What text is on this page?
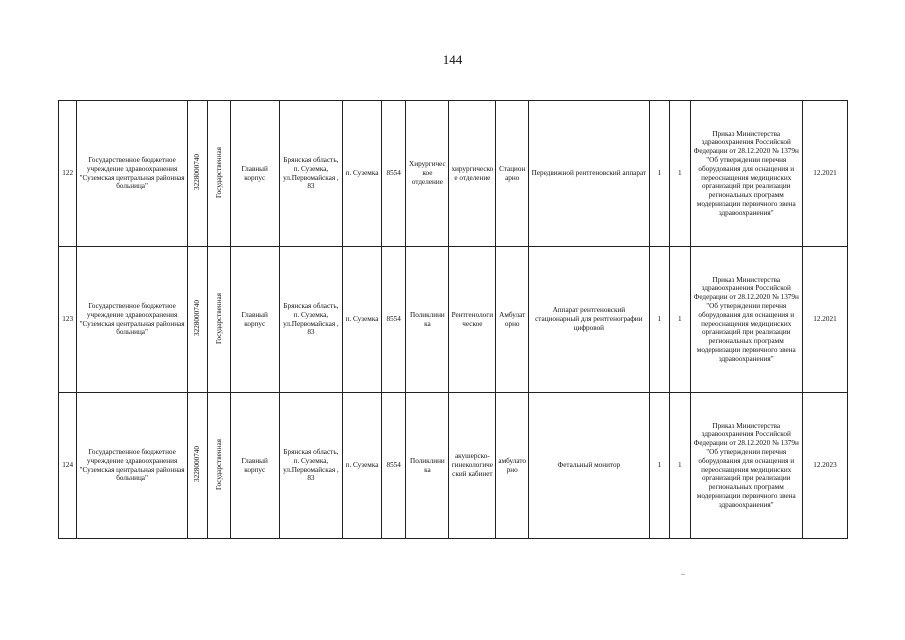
144
122	Государственное бюджетное учреждение здравоохранения "Суземская центральная районная больница"	3228000740	Государственная	Главный корпус	Брянская область, п. Суземка, ул.Первомайская , 83	п. Суземка	8554	Хирургическое отделение	хирургическое отделение	Стационарно	Передвижной рентгеновский аппарат	1	1	Приказ Министерства здравоохранения Российской Федерации от 28.12.2020 № 1379н "Об утверждении перечня оборудования для оснащения и переоснащения медицинских организаций при реализации региональных программ модернизации первичного звена здравоохранения"	12.2021
123	Государственное бюджетное учреждение здравоохранения "Суземская центральная районная больница"	3228000740	Государственная	Главный корпус	Брянская область, п. Суземка, ул.Первомайская , 83	п. Суземка	8554	Поликлиника	Рентгенологическое	Амбулаторно	Аппарат рентгеновский стационарный для рентгенографии цифровой	1	1	Приказ Министерства здравоохранения Российской Федерации от 28.12.2020 № 1379н "Об утверждении перечня оборудования для оснащения и переоснащения медицинских организаций при реализации региональных программ модернизации первичного звена здравоохранения"	12.2021
124	Государственное бюджетное учреждение здравоохранения "Суземская центральная районная больница"	3228000740	Государственная	Главный корпус	Брянская область, п. Суземка, ул.Первомайская , 83	п. Суземка	8554	Поликлиника	акушерско-гинекологический кабинет	амбулаторно	Фетальный монитор	1	1	Приказ Министерства здравоохранения Российской Федерации от 28.12.2020 № 1379н "Об утверждении перечня оборудования для оснащения и переоснащения медицинских организаций при реализации региональных программ модернизации первичного звена здравоохранения"	12.2023
